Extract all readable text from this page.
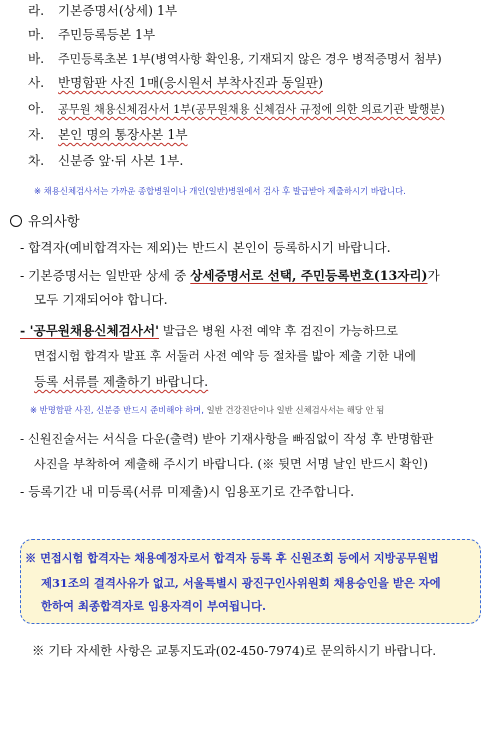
라. 기본증명서(상세) 1부
마. 주민등록등본 1부
바. 주민등록초본 1부(병역사항 확인용, 기재되지 않은 경우 병적증명서 첨부)
사. 반명함판 사진 1매(응시원서 부착사진과 동일판)
아. 공무원 채용신체검사서 1부(공무원채용 신체검사 규정에 의한 의료기관 발행분)
자. 본인 명의 통장사본 1부
차. 신분증 앞·뒤 사본 1부.
※ 채용신체검사서는 가까운 종합병원이나 개인(일반)병원에서 검사 후 발급받아 제출하시기 바랍니다.
유의사항
- 합격자(예비합격자는 제외)는 반드시 본인이 등록하시기 바랍니다.
- 기본증명서는 일반판 상세 중 상세증명서로 선택, 주민등록번호(13자리)가
모두 기재되어야 합니다.
- '공무원채용신체검사서' 발급은 병원 사전 예약 후 검진이 가능하므로
면접시험 합격자 발표 후 서둘러 사전 예약 등 절차를 밟아 제출 기한 내에
등록 서류를 제출하기 바랍니다.
※ 반명함판 사진, 신분증 반드시 준비해야 하며, 일반 건강진단이나 일반 신체검사서는 해당 안 됨
- 신원진술서는 서식을 다운(출력) 받아 기재사항을 빠짐없이 작성 후 반명함판
사진을 부착하여 제출해 주시기 바랍니다. (※ 뒷면 서명 날인 반드시 확인)
- 등록기간 내 미등록(서류 미제출)시 임용포기로 간주합니다.
※ 면접시험 합격자는 채용예정자로서 합격자 등록 후 신원조회 등에서 지방공무원법
제31조의 결격사유가 없고, 서울특별시 광진구인사위원회 채용승인을 받은 자에
한하여 최종합격자로 임용자격이 부여됩니다.
※ 기타 자세한 사항은 교통지도과(02-450-7974)로 문의하시기 바랍니다.
